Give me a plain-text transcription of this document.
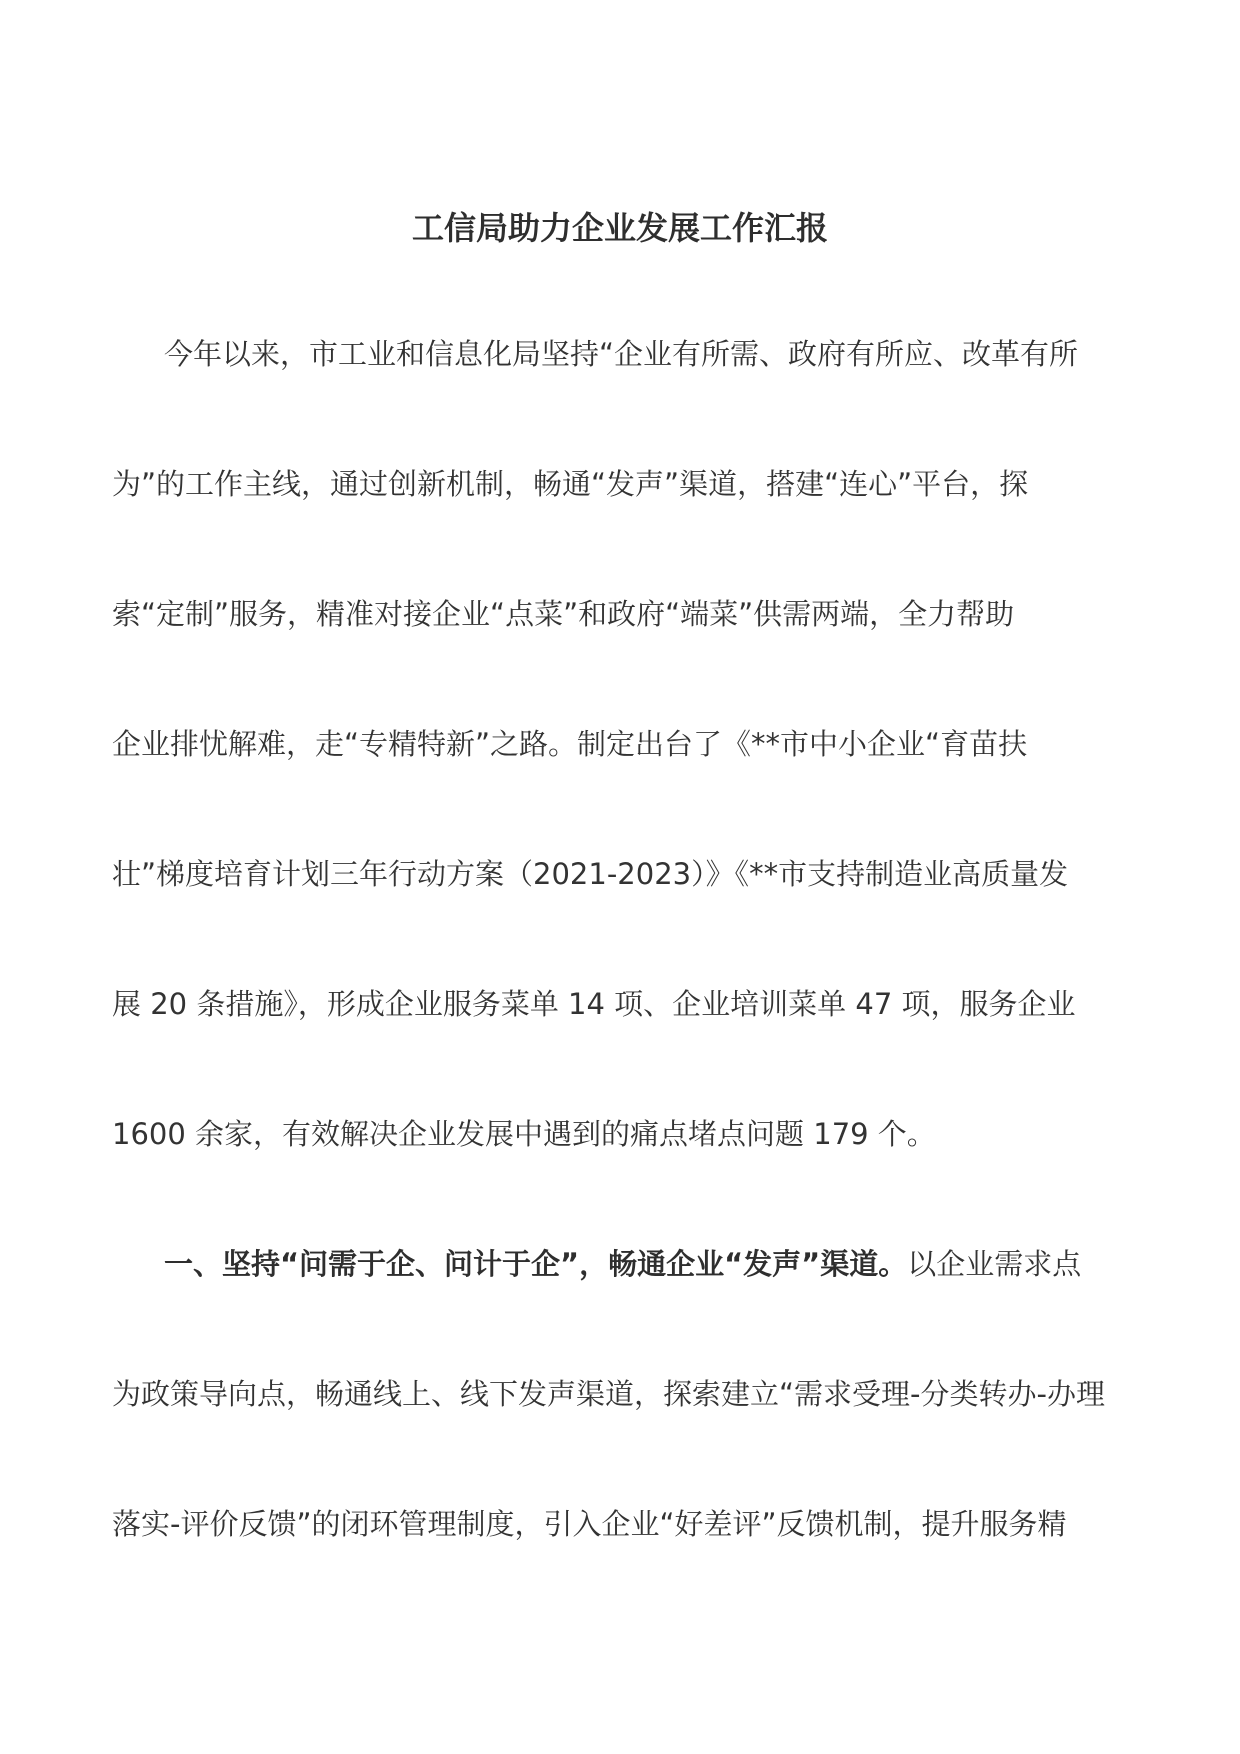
工信局助力企业发展工作汇报
今年以来，市工业和信息化局坚持“企业有所需、政府有所应、改革有所
为”的工作主线，通过创新机制，畅通“发声”渠道，搭建“连心”平台，探
索“定制”服务，精准对接企业“点菜”和政府“端菜”供需两端，全力帮助
企业排忧解难，走“专精特新”之路。制定出台了《**市中小企业“育苗扶
壮”梯度培育计划三年行动方案（2021-2023）》《**市支持制造业高质量发
展 20 条措施》，形成企业服务菜单 14 项、企业培训菜单 47 项，服务企业
1600 余家，有效解决企业发展中遇到的痛点堵点问题 179 个。
一、坚持“问需于企、问计于企”，畅通企业“发声”渠道。以企业需求点
为政策导向点，畅通线上、线下发声渠道，探索建立“需求受理-分类转办-办理
落实-评价反馈”的闭环管理制度，引入企业“好差评”反馈机制，提升服务精
